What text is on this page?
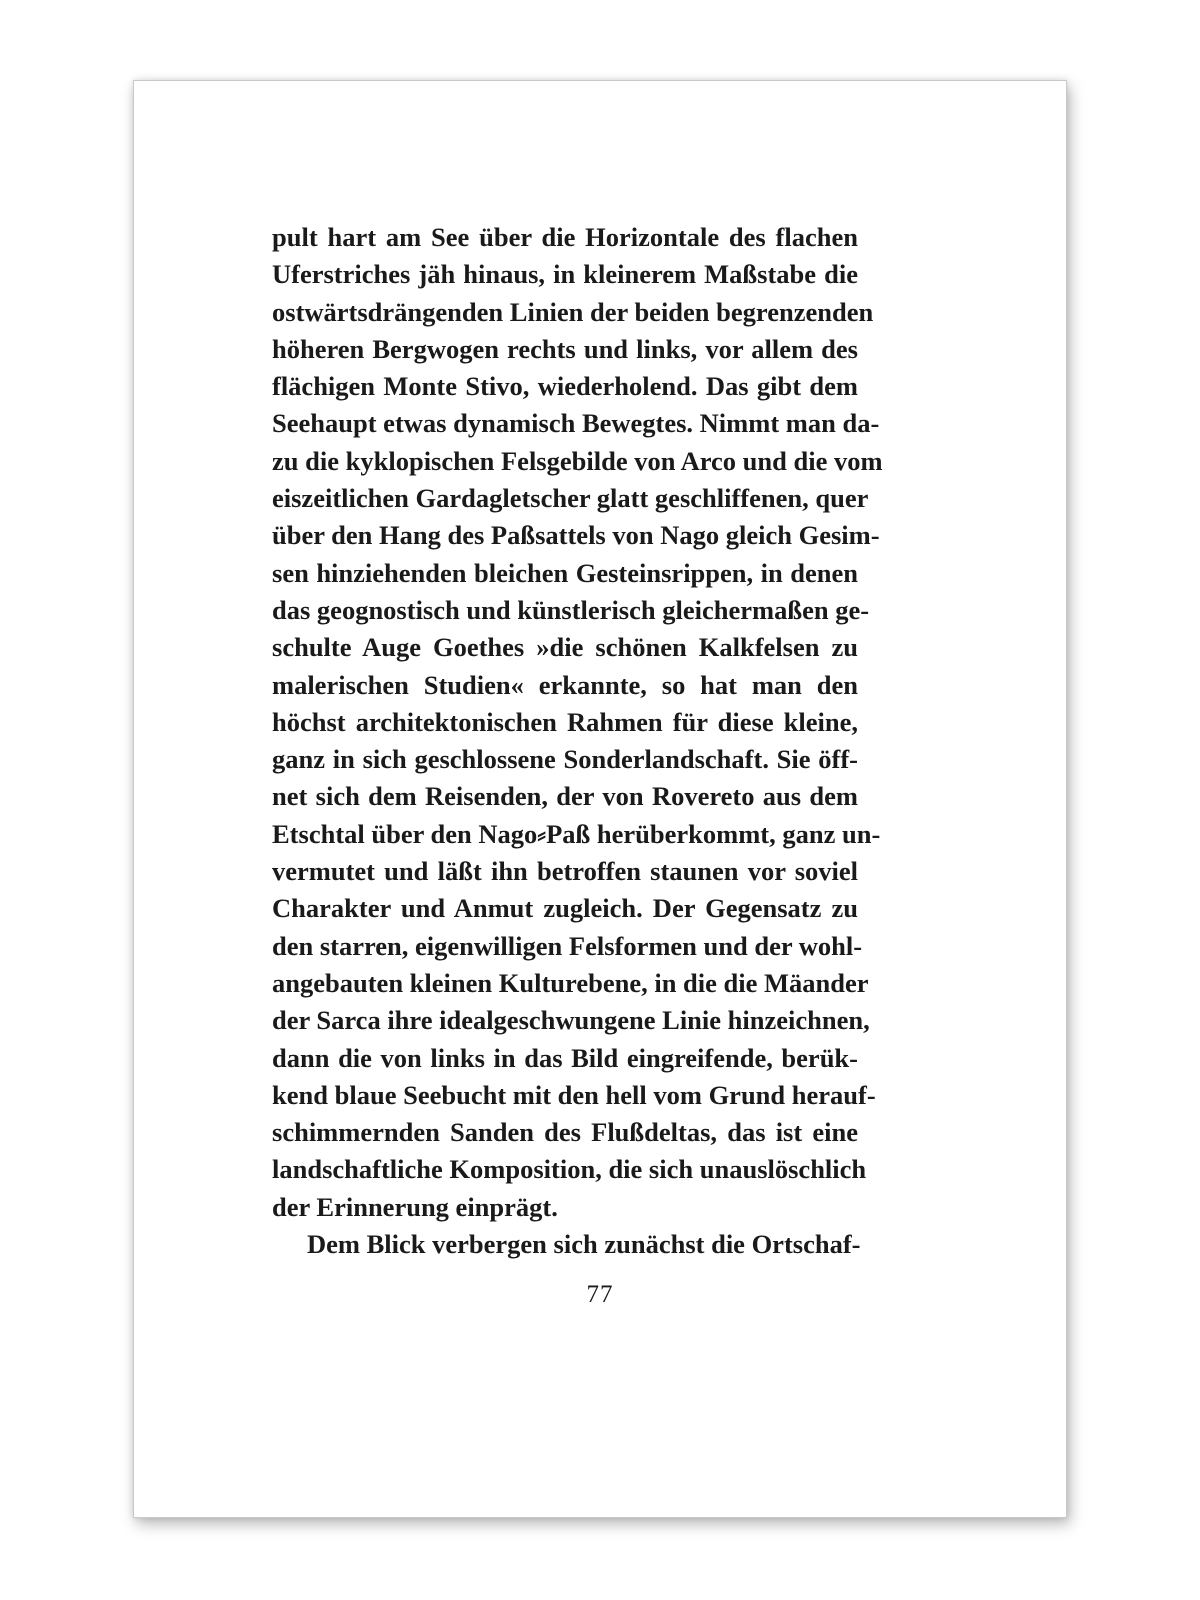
pult hart am See über die Horizontale des flachen
Uferstriches jäh hinaus, in kleinerem Maßstabe die
ostwärtsdrängenden Linien der beiden begrenzenden
höheren Bergwogen rechts und links, vor allem des
flächigen Monte Stivo, wiederholend. Das gibt dem
Seehaupt etwas dynamisch Bewegtes. Nimmt man da-
zu die kyklopischen Felsgebilde von Arco und die vom
eiszeitlichen Gardagletscher glatt geschliffenen, quer
über den Hang des Paßsattels von Nago gleich Gesim-
sen hinziehenden bleichen Gesteinsrippen, in denen
das geognostisch und künstlerisch gleichermaßen ge-
schulte Auge Goethes »die schönen Kalkfelsen zu
malerischen Studien« erkannte, so hat man den
höchst architektonischen Rahmen für diese kleine,
ganz in sich geschlossene Sonderlandschaft. Sie öff-
net sich dem Reisenden, der von Rovereto aus dem
Etschtal über den Nago⸗Paß herüberkommt, ganz un-
vermutet und läßt ihn betroffen staunen vor soviel
Charakter und Anmut zugleich. Der Gegensatz zu
den starren, eigenwilligen Felsformen und der wohl-
angebauten kleinen Kulturebene, in die die Mäander
der Sarca ihre idealgeschwungene Linie hinzeichnen,
dann die von links in das Bild eingreifende, berük-
kend blaue Seebucht mit den hell vom Grund herauf-
schimmernden Sanden des Flußdeltas, das ist eine
landschaftliche Komposition, die sich unauslöschlich
der Erinnerung einprägt.
Dem Blick verbergen sich zunächst die Ortschaf-
77
